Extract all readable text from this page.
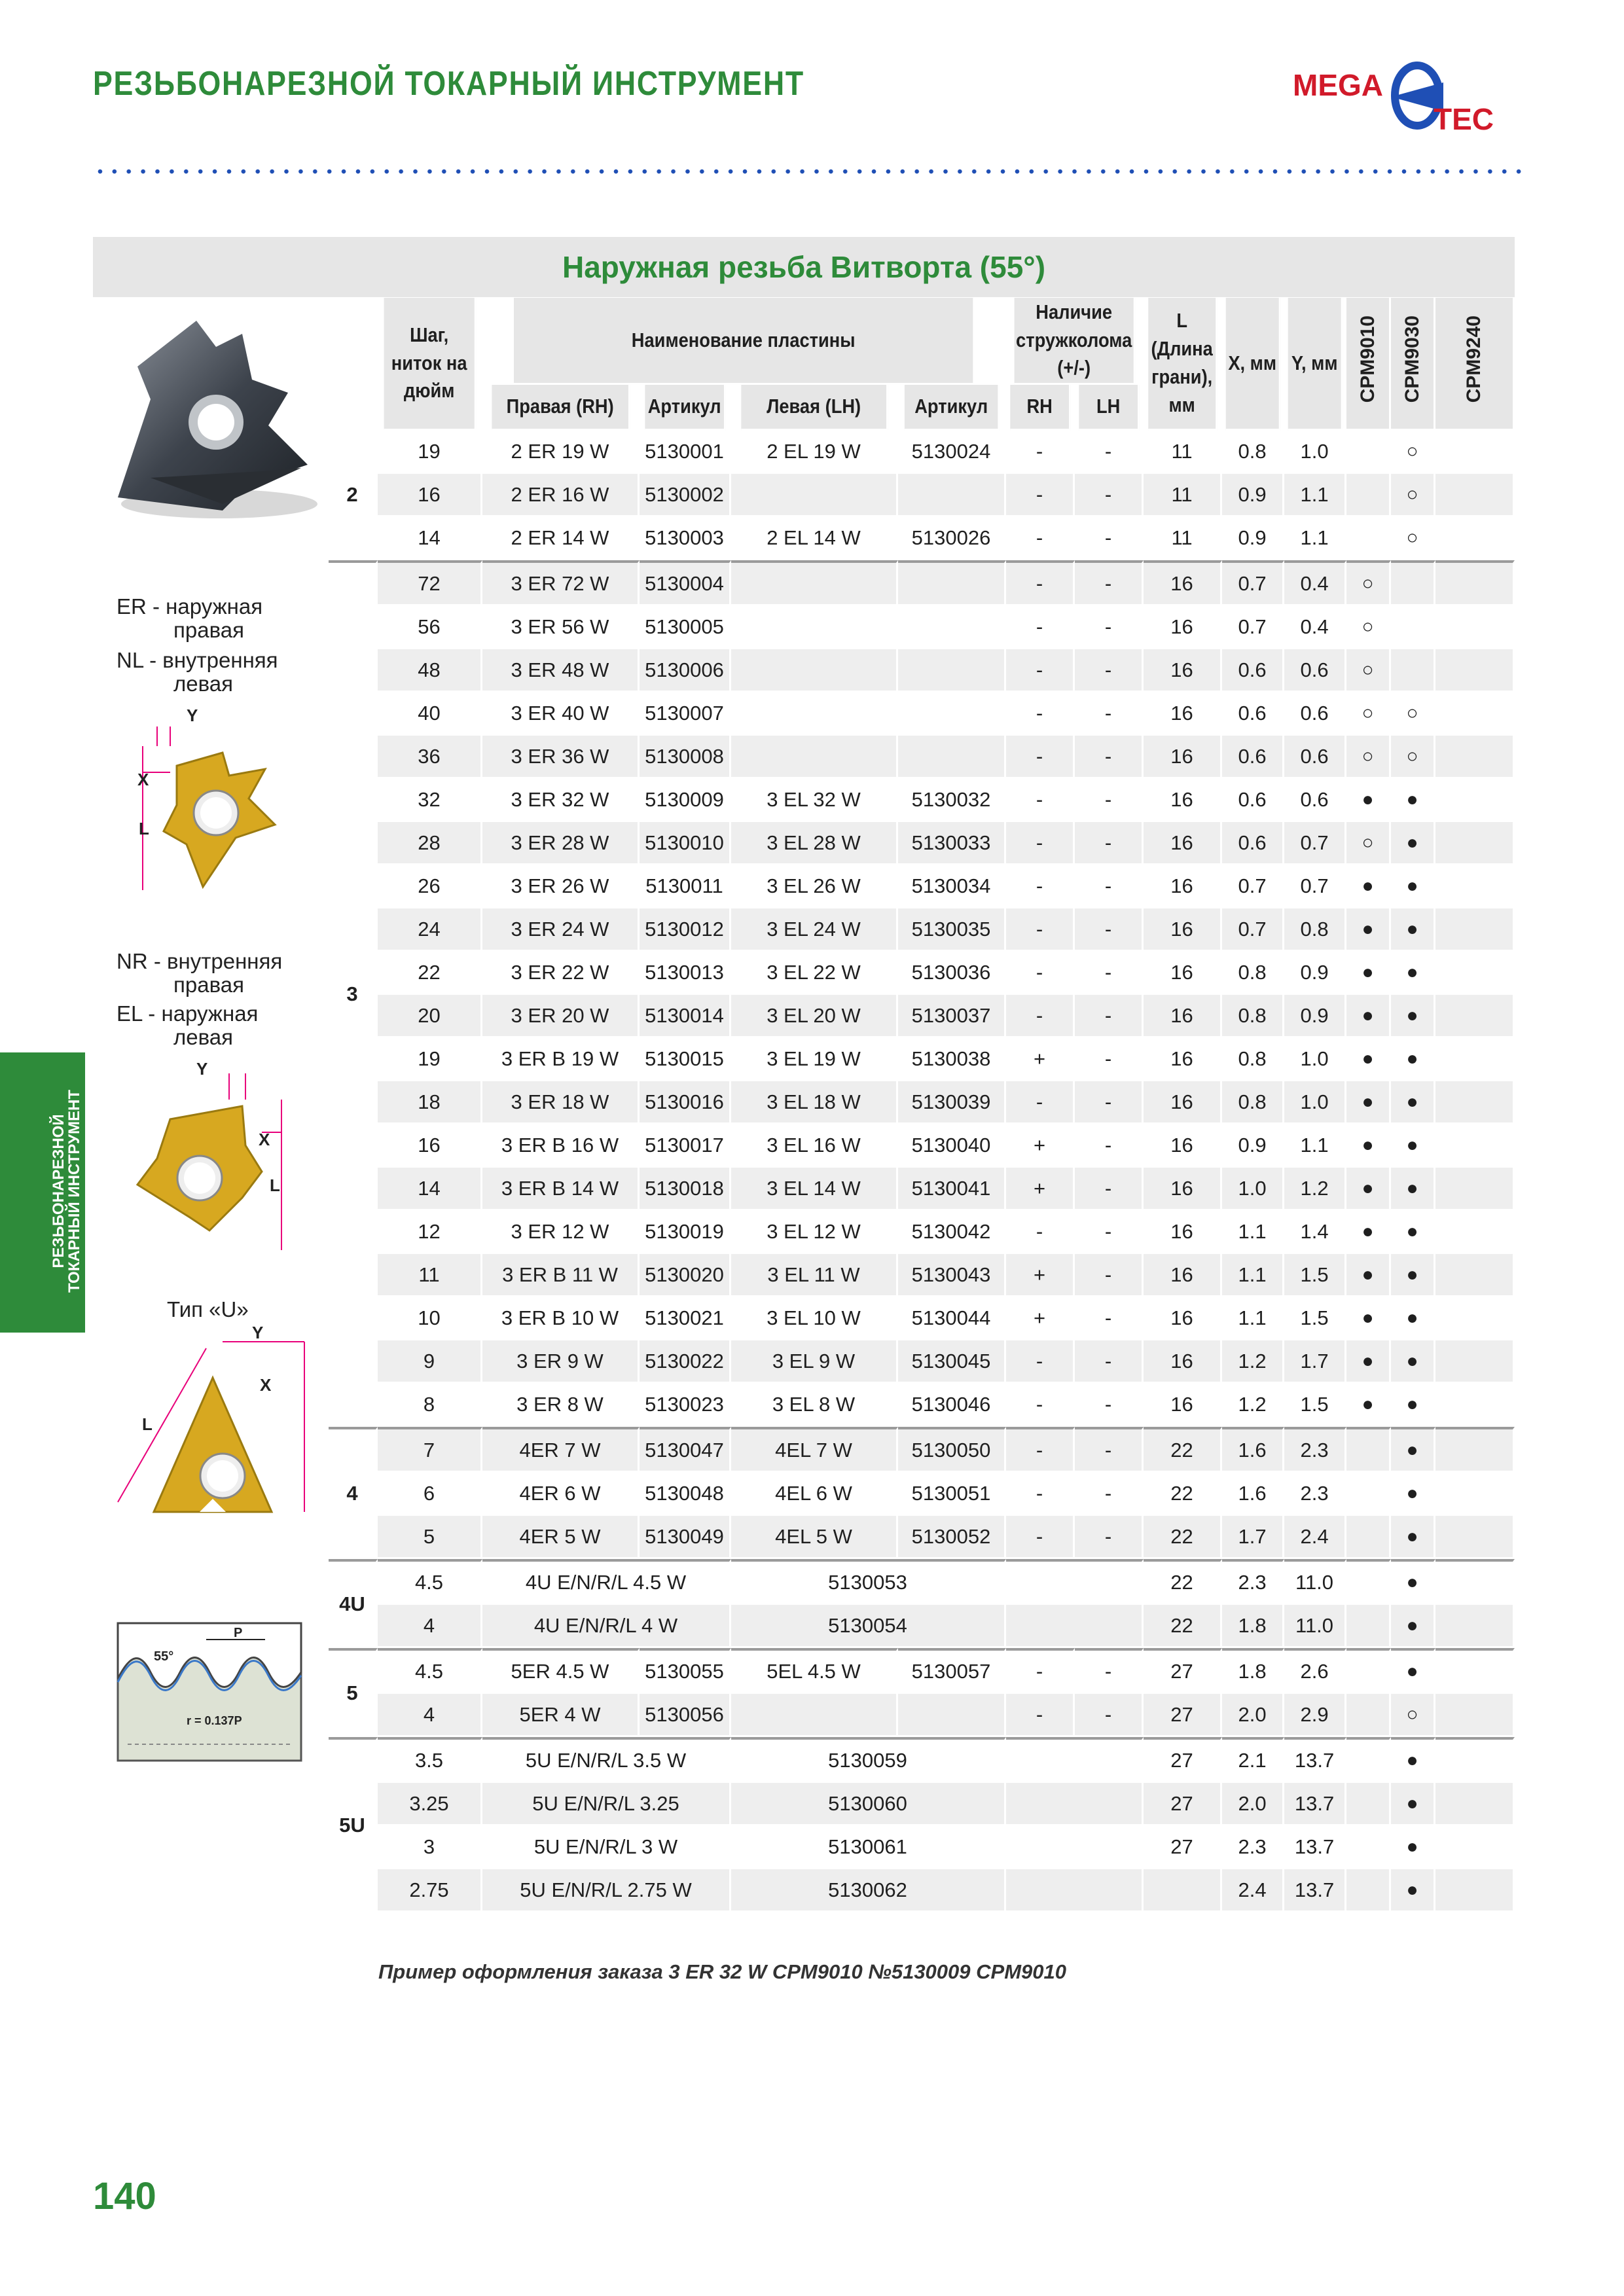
РЕЗЬБОНАРЕЗНОЙ ТОКАРНЫЙ ИНСТРУМЕНТ	MEGA
TEC
Наружная резьба Витворта (55°)
	Шаг, ниток на дюйм	Наименование пластины				Наличие стружколома (+/-)		L (Длина грани), мм	X, мм	Y, мм	CPM9010	CPM9030	CPM9240
		Правая (RH)	Артикул	Левая (LH)	Артикул	RH	LH						
2	19	2 ER 19 W	5130001	2 EL 19 W	5130024	-	-	11	0.8	1.0		○	
	16	2 ER 16 W	5130002			-	-	11	0.9	1.1		○	
	14	2 ER 14 W	5130003	2 EL 14 W	5130026	-	-	11	0.9	1.1		○	
3	72	3 ER 72 W	5130004			-	-	16	0.7	0.4	○		
	56	3 ER 56 W	5130005			-	-	16	0.7	0.4	○		
	48	3 ER 48 W	5130006			-	-	16	0.6	0.6	○		
	40	3 ER 40 W	5130007			-	-	16	0.6	0.6	○	○	
	36	3 ER 36 W	5130008			-	-	16	0.6	0.6	○	○	
	32	3 ER 32 W	5130009	3 EL 32 W	5130032	-	-	16	0.6	0.6	●	●	
	28	3 ER 28 W	5130010	3 EL 28 W	5130033	-	-	16	0.6	0.7	○	●	
	26	3 ER 26 W	5130011	3 EL 26 W	5130034	-	-	16	0.7	0.7	●	●	
	24	3 ER 24 W	5130012	3 EL 24 W	5130035	-	-	16	0.7	0.8	●	●	
	22	3 ER 22 W	5130013	3 EL 22 W	5130036	-	-	16	0.8	0.9	●	●	
	20	3 ER 20 W	5130014	3 EL 20 W	5130037	-	-	16	0.8	0.9	●	●	
	19	3 ER B 19 W	5130015	3 EL 19 W	5130038	+	-	16	0.8	1.0	●	●	
	18	3 ER 18 W	5130016	3 EL 18 W	5130039	-	-	16	0.8	1.0	●	●	
	16	3 ER B 16 W	5130017	3 EL 16 W	5130040	+	-	16	0.9	1.1	●	●	
	14	3 ER B 14 W	5130018	3 EL 14 W	5130041	+	-	16	1.0	1.2	●	●	
	12	3 ER 12 W	5130019	3 EL 12 W	5130042	-	-	16	1.1	1.4	●	●	
	11	3 ER B 11 W	5130020	3 EL 11 W	5130043	+	-	16	1.1	1.5	●	●	
	10	3 ER B 10 W	5130021	3 EL 10 W	5130044	+	-	16	1.1	1.5	●	●	
	9	3 ER 9 W	5130022	3 EL 9 W	5130045	-	-	16	1.2	1.7	●	●	
	8	3 ER 8 W	5130023	3 EL 8 W	5130046	-	-	16	1.2	1.5	●	●	
4	7	4ER 7 W	5130047	4EL 7 W	5130050	-	-	22	1.6	2.3		●	
	6	4ER 6 W	5130048	4EL 6 W	5130051	-	-	22	1.6	2.3		●	
	5	4ER 5 W	5130049	4EL 5 W	5130052	-	-	22	1.7	2.4		●	
4U	4.5	4U E/N/R/L 4.5 W		5130053				22	2.3	11.0		●	
	4	4U E/N/R/L 4 W		5130054				22	1.8	11.0		●	
5	4.5	5ER 4.5 W	5130055	5EL 4.5 W	5130057	-	-	27	1.8	2.6		●	
	4	5ER 4 W	5130056			-	-	27	2.0	2.9		○	
5U	3.5	5U E/N/R/L 3.5 W		5130059				27	2.1	13.7		●	
	3.25	5U E/N/R/L 3.25		5130060				27	2.0	13.7		●	
	3	5U E/N/R/L 3 W		5130061				27	2.3	13.7		●	
	2.75	5U E/N/R/L 2.75 W		5130062					2.4	13.7		●	
Пример оформления заказа 3 ER 32 W CPM9010 №5130009 CPM9010
ER - наружная
правая
NL - внутренняя
левая
Y
X
L
NR - внутренняя
правая
EL - наружная
левая
Y
X
L
РЕЗЬБОНАРЕЗНОЙ ТОКАРНЫЙ ИНСТРУМЕНТ
Тип «U»
Y
X
L
55°
P
r = 0.137P
140
